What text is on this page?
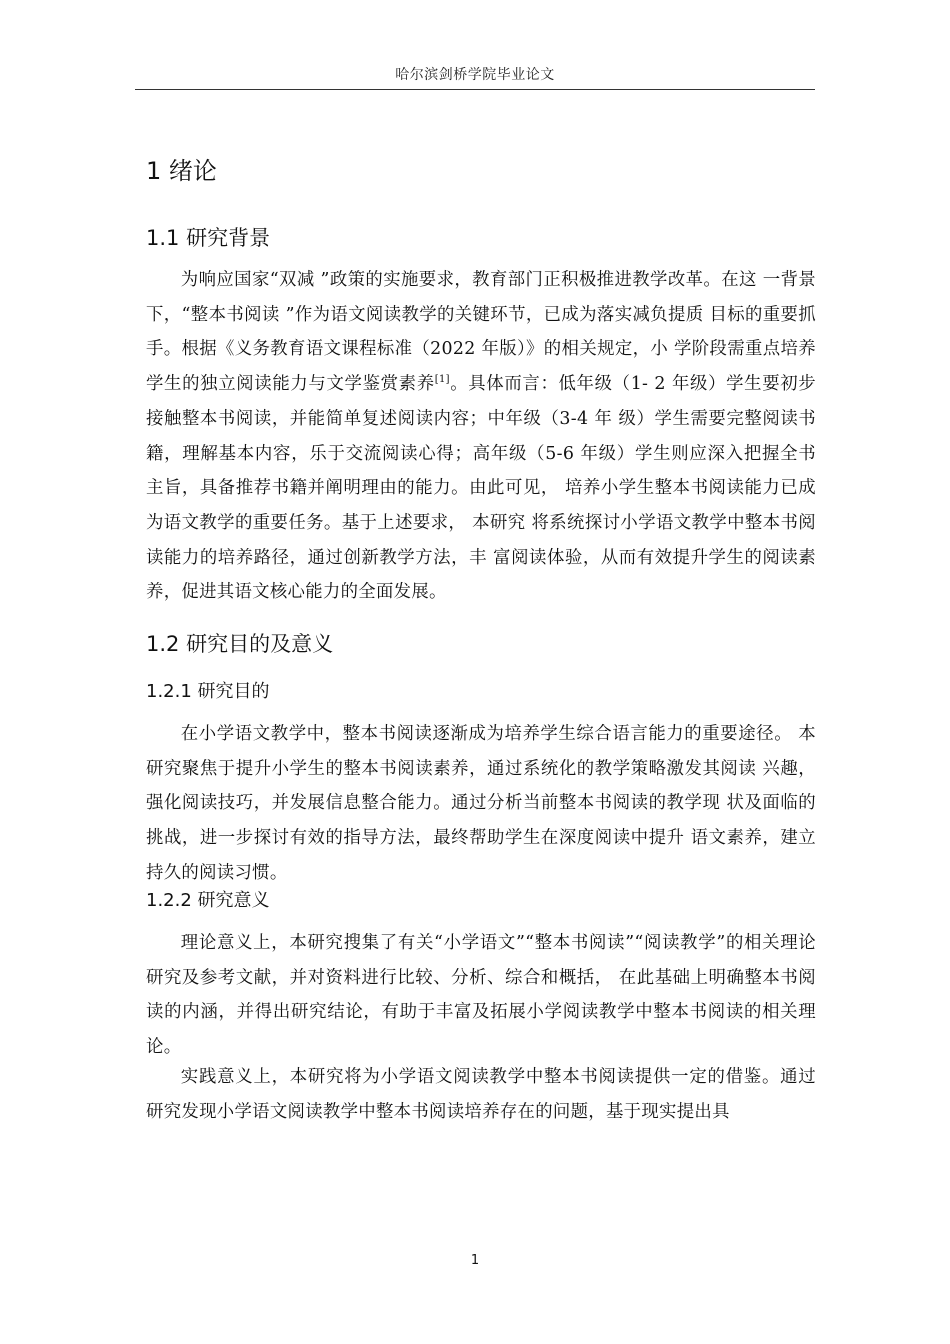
哈尔滨剑桥学院毕业论文
1 绪论
1.1 研究背景

为响应国家“双减 ”政策的实施要求，教育部门正积极推进教学改革。在这 一背景下，“整本书阅读 ”作为语文阅读教学的关键环节，已成为落实减负提质 目标的重要抓手。根据《义务教育语文课程标准（2022 年版）》的相关规定，小 学阶段需重点培养学生的独立阅读能力与文学鉴赏素养[1]。具体而言：低年级（1- 2 年级）学生要初步接触整本书阅读，并能简单复述阅读内容；中年级（3-4 年 级）学生需要完整阅读书籍，理解基本内容，乐于交流阅读心得；高年级（5-6 年级）学生则应深入把握全书主旨，具备推荐书籍并阐明理由的能力。由此可见， 培养小学生整本书阅读能力已成为语文教学的重要任务。基于上述要求， 本研究 将系统探讨小学语文教学中整本书阅读能力的培养路径，通过创新教学方法，丰 富阅读体验，从而有效提升学生的阅读素养，促进其语文核心能力的全面发展。

1.2 研究目的及意义
1.2.1 研究目的

在小学语文教学中，整本书阅读逐渐成为培养学生综合语言能力的重要途径。 本研究聚焦于提升小学生的整本书阅读素养，通过系统化的教学策略激发其阅读 兴趣，强化阅读技巧，并发展信息整合能力。通过分析当前整本书阅读的教学现 状及面临的挑战，进一步探讨有效的指导方法，最终帮助学生在深度阅读中提升 语文素养，建立持久的阅读习惯。

1.2.2 研究意义

理论意义上，本研究搜集了有关“小学语文”“整本书阅读”“阅读教学”的相关理论研究及参考文献，并对资料进行比较、分析、综合和概括， 在此基础上明确整本书阅读的内涵，并得出研究结论，有助于丰富及拓展小学阅读教学中整本书阅读的相关理论。

实践意义上，本研究将为小学语文阅读教学中整本书阅读提供一定的借鉴。通过研究发现小学语文阅读教学中整本书阅读培养存在的问题，基于现实提出具

1
